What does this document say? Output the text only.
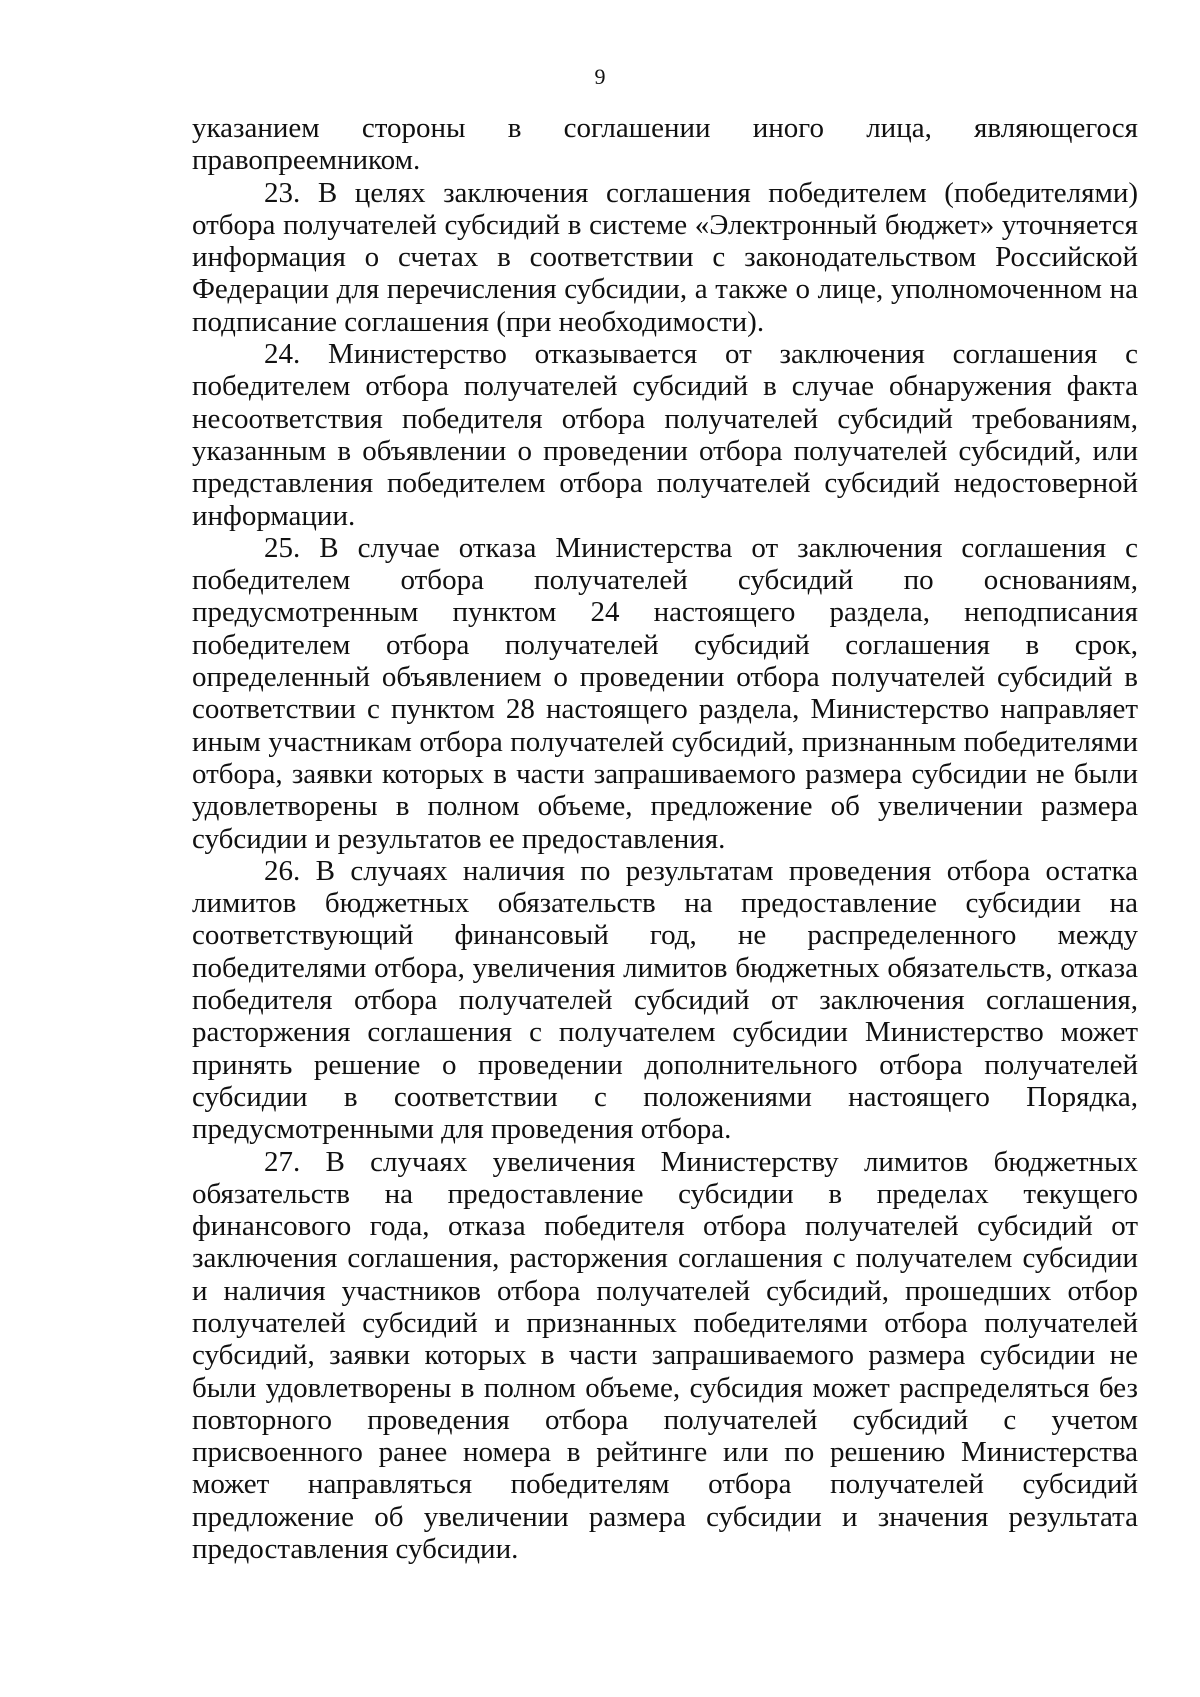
9

указанием стороны в соглашении иного лица, являющегося правопреемником.

23. В целях заключения соглашения победителем (победителями) отбора получателей субсидий в системе «Электронный бюджет» уточняется информация о счетах в соответствии с законодательством Российской Федерации для перечисления субсидии, а также о лице, уполномоченном на подписание соглашения (при необходимости).

24. Министерство отказывается от заключения соглашения с победителем отбора получателей субсидий в случае обнаружения факта несоответствия победителя отбора получателей субсидий требованиям, указанным в объявлении о проведении отбора получателей субсидий, или представления победителем отбора получателей субсидий недостоверной информации.

25. В случае отказа Министерства от заключения соглашения с победителем отбора получателей субсидий по основаниям, предусмотренным пунктом 24 настоящего раздела, неподписания победителем отбора получателей субсидий соглашения в срок, определенный объявлением о проведении отбора получателей субсидий в соответствии с пунктом 28 настоящего раздела, Министерство направляет иным участникам отбора получателей субсидий, признанным победителями отбора, заявки которых в части запрашиваемого размера субсидии не были удовлетворены в полном объеме, предложение об увеличении размера субсидии и результатов ее предоставления.

26. В случаях наличия по результатам проведения отбора остатка лимитов бюджетных обязательств на предоставление субсидии на соответствующий финансовый год, не распределенного между победителями отбора, увеличения лимитов бюджетных обязательств, отказа победителя отбора получателей субсидий от заключения соглашения, расторжения соглашения с получателем субсидии Министерство может принять решение о проведении дополнительного отбора получателей субсидии в соответствии с положениями настоящего Порядка, предусмотренными для проведения отбора.

27. В случаях увеличения Министерству лимитов бюджетных обязательств на предоставление субсидии в пределах текущего финансового года, отказа победителя отбора получателей субсидий от заключения соглашения, расторжения соглашения с получателем субсидии и наличия участников отбора получателей субсидий, прошедших отбор получателей субсидий и признанных победителями отбора получателей субсидий, заявки которых в части запрашиваемого размера субсидии не были удовлетворены в полном объеме, субсидия может распределяться без повторного проведения отбора получателей субсидий с учетом присвоенного ранее номера в рейтинге или по решению Министерства может направляться победителям отбора получателей субсидий предложение об увеличении размера субсидии и значения результата предоставления субсидии.
